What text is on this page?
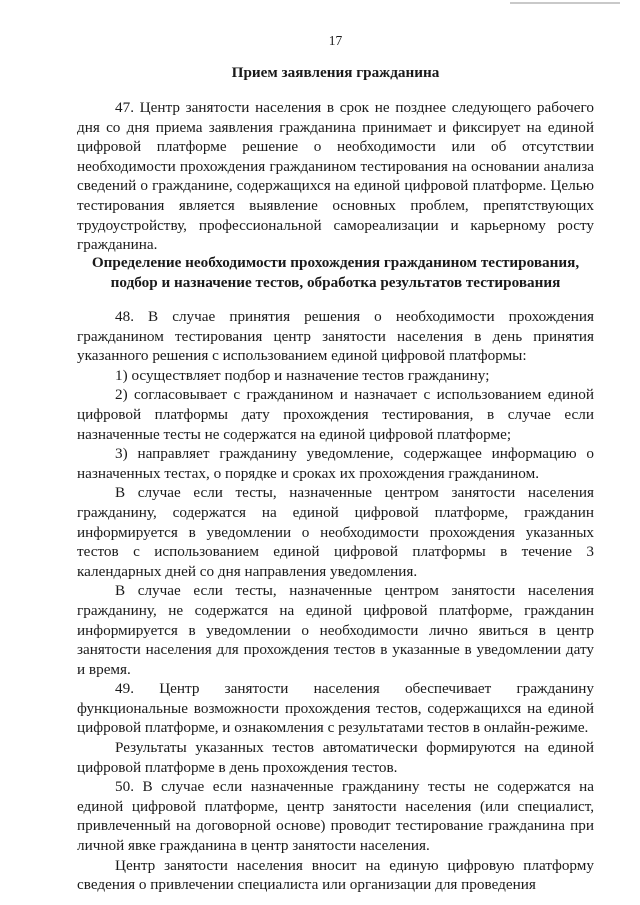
17

Прием заявления гражданина

47. Центр занятости населения в срок не позднее следующего рабочего дня со дня приема заявления гражданина принимает и фиксирует на единой цифровой платформе решение о необходимости или об отсутствии необходимости прохождения гражданином тестирования на основании анализа сведений о гражданине, содержащихся на единой цифровой платформе. Целью тестирования является выявление основных проблем, препятствующих трудоустройству, профессиональной самореализации и карьерному росту гражданина.

Определение необходимости прохождения гражданином тестирования,

подбор и назначение тестов, обработка результатов тестирования

48. В случае принятия решения о необходимости прохождения гражданином тестирования центр занятости населения в день принятия указанного решения с использованием единой цифровой платформы:

1) осуществляет подбор и назначение тестов гражданину;

2) согласовывает с гражданином и назначает с использованием единой цифровой платформы дату прохождения тестирования, в случае если назначенные тесты не содержатся на единой цифровой платформе;

3) направляет гражданину уведомление, содержащее информацию о назначенных тестах, о порядке и сроках их прохождения гражданином.

В случае если тесты, назначенные центром занятости населения гражданину, содержатся на единой цифровой платформе, гражданин информируется в уведомлении о необходимости прохождения указанных тестов с использованием единой цифровой платформы в течение 3 календарных дней со дня направления уведомления.

В случае если тесты, назначенные центром занятости населения гражданину, не содержатся на единой цифровой платформе, гражданин информируется в уведомлении о необходимости лично явиться в центр занятости населения для прохождения тестов в указанные в уведомлении дату и время.

49. Центр занятости населения обеспечивает гражданину функциональные возможности прохождения тестов, содержащихся на единой цифровой платформе, и ознакомления с результатами тестов в онлайн-режиме.

Результаты указанных тестов автоматически формируются на единой цифровой платформе в день прохождения тестов.

50. В случае если назначенные гражданину тесты не содержатся на единой цифровой платформе, центр занятости населения (или специалист, привлеченный на договорной основе) проводит тестирование гражданина при личной явке гражданина в центр занятости населения.

Центр занятости населения вносит на единую цифровую платформу сведения о привлечении специалиста или организации для проведения
